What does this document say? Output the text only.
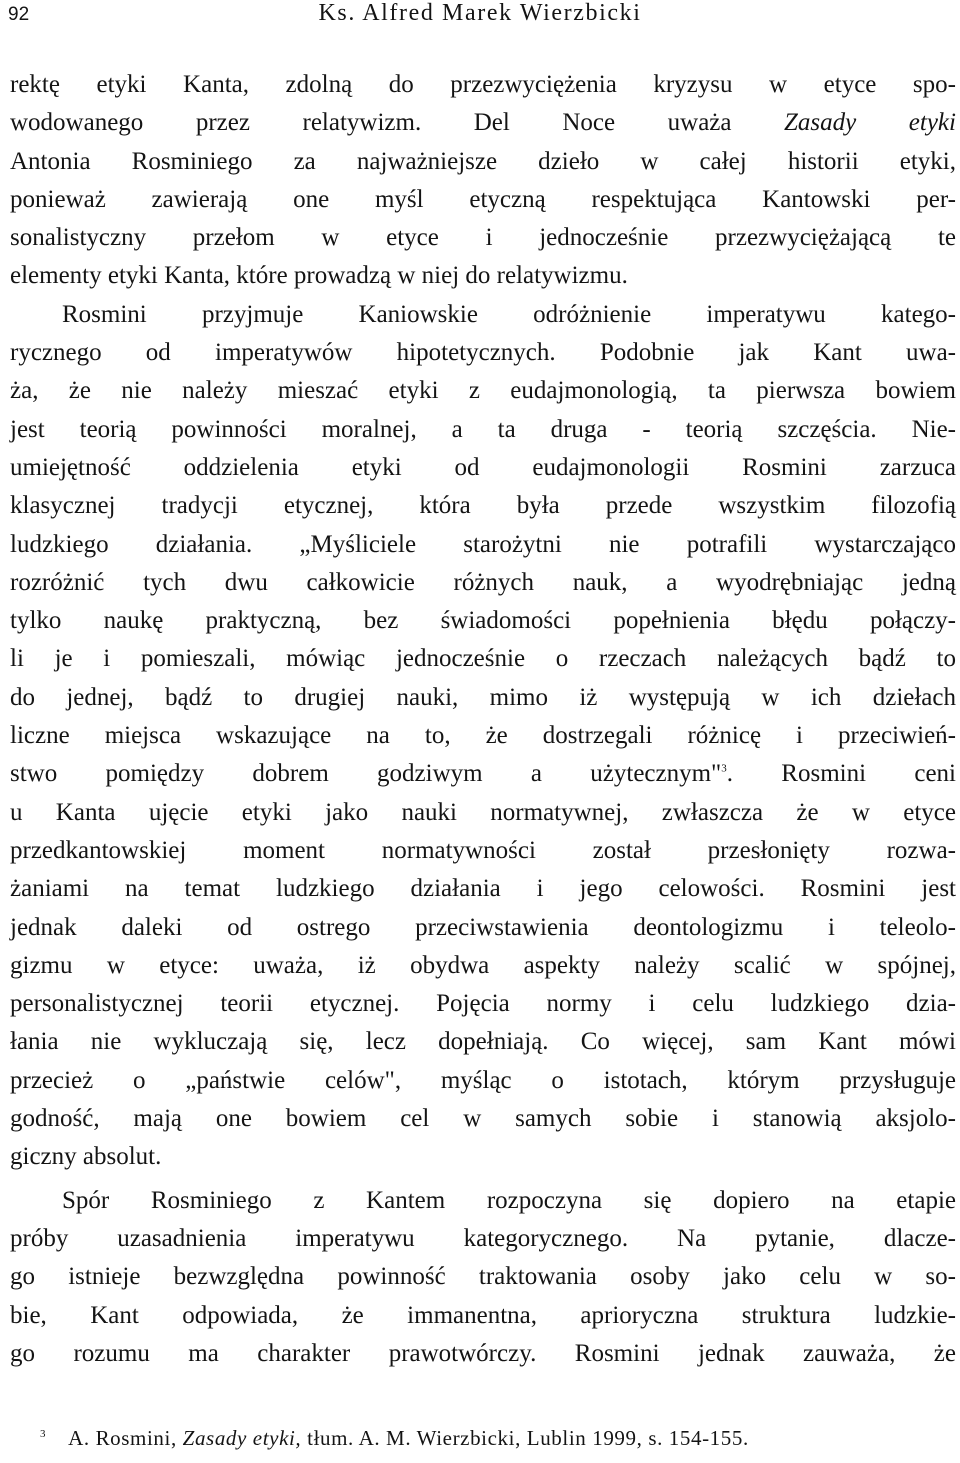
92	Ks. Alfred Marek Wierzbicki
rektę etyki Kanta, zdolną do przezwyciężenia kryzysu w etyce spo-
wodowanego przez relatywizm. Del Noce uważa Zasady etyki
Antonia Rosminiego za najważniejsze dzieło w całej historii etyki,
ponieważ zawierają one myśl etyczną respektująca Kantowski per-
sonalistyczny przełom w etyce i jednocześnie przezwyciężającą te
elementy etyki Kanta, które prowadzą w niej do relatywizmu.
Rosmini przyjmuje Kaniowskie odróżnienie imperatywu katego-
rycznego od imperatywów hipotetycznych. Podobnie jak Kant uwa-
ża, że nie należy mieszać etyki z eudajmonologią, ta pierwsza bowiem
jest teorią powinności moralnej, a ta druga - teorią szczęścia. Nie-
umiejętność oddzielenia etyki od eudajmonologii Rosmini zarzuca
klasycznej tradycji etycznej, która była przede wszystkim filozofią
ludzkiego działania. „Myśliciele starożytni nie potrafili wystarczająco
rozróżnić tych dwu całkowicie różnych nauk, a wyodrębniając jedną
tylko naukę praktyczną, bez świadomości popełnienia błędu połączy-
li je i pomieszali, mówiąc jednocześnie o rzeczach należących bądź to
do jednej, bądź to drugiej nauki, mimo iż występują w ich dziełach
liczne miejsca wskazujące na to, że dostrzegali różnicę i przeciwień-
stwo pomiędzy dobrem godziwym a użytecznym"$^3$. Rosmini ceni
u Kanta ujęcie etyki jako nauki normatywnej, zwłaszcza że w etyce
przedkantowskiej moment normatywności został przesłonięty rozwa-
żaniami na temat ludzkiego działania i jego celowości. Rosmini jest
jednak daleki od ostrego przeciwstawienia deontologizmu i teleolo-
gizmu w etyce: uważa, iż obydwa aspekty należy scalić w spójnej,
personalistycznej teorii etycznej. Pojęcia normy i celu ludzkiego dzia-
łania nie wykluczają się, lecz dopełniają. Co więcej, sam Kant mówi
przecież o „państwie celów", myśląc o istotach, którym przysługuje
godność, mają one bowiem cel w samych sobie i stanowią aksjolo-
giczny absolut.
Spór Rosminiego z Kantem rozpoczyna się dopiero na etapie
próby uzasadnienia imperatywu kategorycznego. Na pytanie, dlacze-
go istnieje bezwzględna powinność traktowania osoby jako celu w so-
bie, Kant odpowiada, że immanentna, aprioryczna struktura ludzkie-
go rozumu ma charakter prawotwórczy. Rosmini jednak zauważa, że
$^3$ A. Rosmini, Zasady etyki, tłum. A. M. Wierzbicki, Lublin 1999, s. 154-155.
